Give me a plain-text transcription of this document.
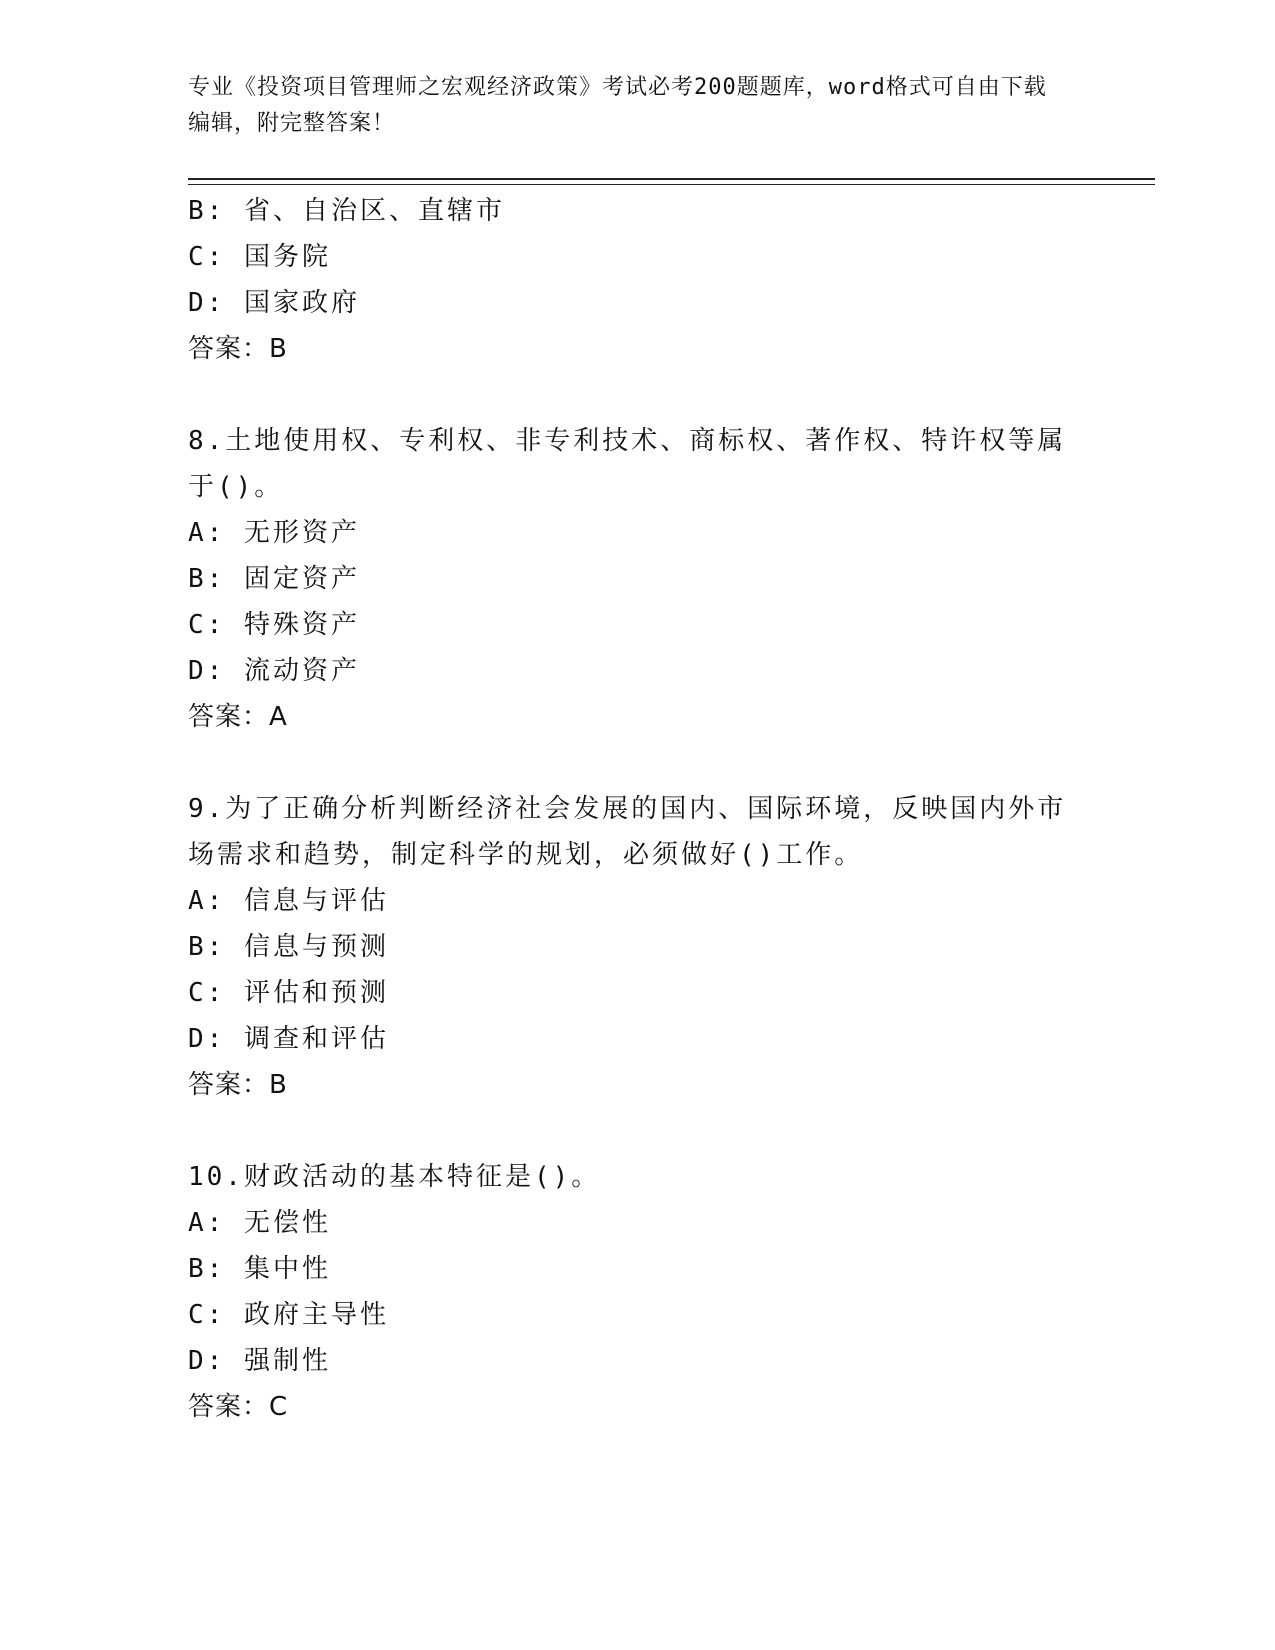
专业《投资项目管理师之宏观经济政策》考试必考200题题库，word格式可自由下载编辑，附完整答案！
B: 省、自治区、直辖市
C: 国务院
D: 国家政府
答案：B
8.土地使用权、专利权、非专利技术、商标权、著作权、特许权等属于()。
A: 无形资产
B: 固定资产
C: 特殊资产
D: 流动资产
答案：A
9.为了正确分析判断经济社会发展的国内、国际环境，反映国内外市场需求和趋势，制定科学的规划，必须做好()工作。
A: 信息与评估
B: 信息与预测
C: 评估和预测
D: 调查和评估
答案：B
10.财政活动的基本特征是()。
A: 无偿性
B: 集中性
C: 政府主导性
D: 强制性
答案：C
